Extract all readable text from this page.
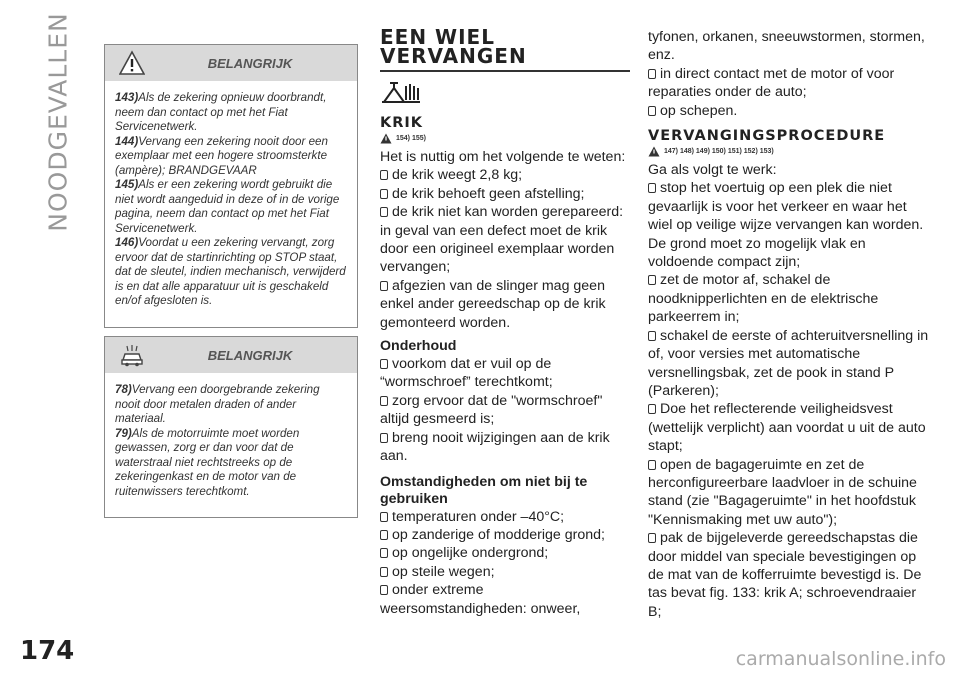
NOODGEVALLEN	BELANGRIJK

143)Als de zekering opnieuw doorbrandt, neem dan contact op met het Fiat Servicenetwerk.

144)Vervang een zekering nooit door een exemplaar met een hogere stroomsterkte (ampère); BRANDGEVAAR

145)Als er een zekering wordt gebruikt die niet wordt aangeduid in deze of in de vorige pagina, neem dan contact op met het Fiat Servicenetwerk.

146)Voordat u een zekering vervangt, zorg ervoor dat de startinrichting op STOP staat, dat de sleutel, indien mechanisch, verwijderd is en dat alle apparatuur uit is geschakeld en/of afgesloten is.

BELANGRIJK

78)Vervang een doorgebrande zekering nooit door metalen draden of ander materiaal.

79)Als de motorruimte moet worden gewassen, zorg er dan voor dat de waterstraal niet rechtstreeks op de zekeringenkast en de motor van de ruitenwissers terechtkomt.

EEN WIEL
VERVANGEN
KRIK
154) 155)

Het is nuttig om het volgende te weten:

de krik weegt 2,8 kg;

de krik behoeft geen afstelling;

de krik niet kan worden gerepareerd:

in geval van een defect moet de krik door een origineel exemplaar worden vervangen;

afgezien van de slinger mag geen enkel ander gereedschap op de krik gemonteerd worden.

Onderhoud

voorkom dat er vuil op de “wormschroef” terechtkomt;

zorg ervoor dat de "wormschroef" altijd gesmeerd is;

breng nooit wijzigingen aan de krik aan.

Omstandigheden om niet bij te gebruiken

temperaturen onder –40°C;

op zanderige of modderige grond;

op ongelijke ondergrond;

op steile wegen;

onder extreme

weersomstandigheden: onweer,

tyfonen, orkanen, sneeuwstormen, stormen, enz.

in direct contact met de motor of voor reparaties onder de auto;

op schepen.

VERVANGINGSPROCEDURE
147) 148) 149) 150) 151) 152) 153)

Ga als volgt te werk:

stop het voertuig op een plek die niet gevaarlijk is voor het verkeer en waar het wiel op veilige wijze vervangen kan worden. De grond moet zo mogelijk vlak en voldoende compact zijn;

zet de motor af, schakel de noodknipperlichten en de elektrische parkeerrem in;

schakel de eerste of achteruitversnelling in of, voor versies met automatische versnellingsbak, zet de pook in stand P (Parkeren);

Doe het reflecterende veiligheidsvest (wettelijk verplicht) aan voordat u uit de auto stapt;

open de bagageruimte en zet de herconfigureerbare laadvloer in de schuine stand (zie "Bagageruimte" in het hoofdstuk "Kennismaking met uw auto");

pak de bijgeleverde gereedschapstas die door middel van speciale bevestigingen op de mat van de kofferruimte bevestigd is. De tas bevat fig. 133: krik A; schroevendraaier B;

174	carmanualsonline.info
